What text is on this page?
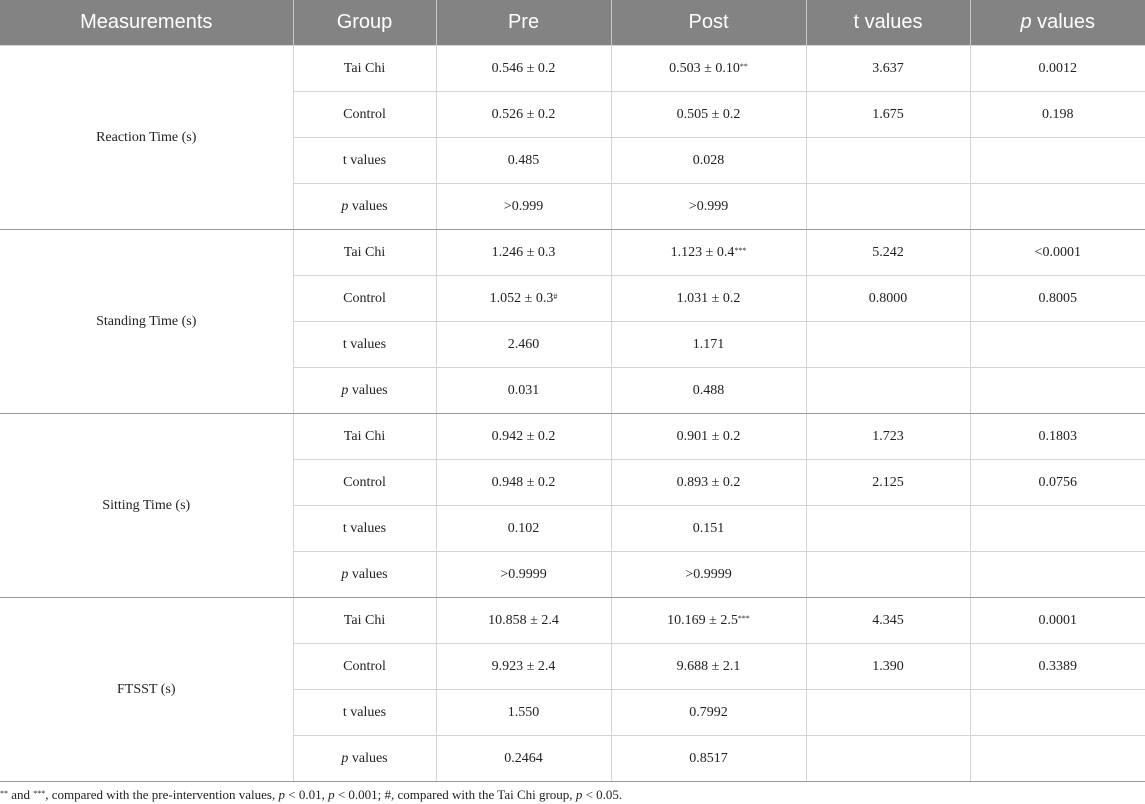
Measurements	Group	Pre	Post	t values	p values
Reaction Time (s)	Tai Chi	0.546 ± 0.2	0.503 ± 0.10**	3.637	0.0012
	Control	0.526 ± 0.2	0.505 ± 0.2	1.675	0.198
	t values	0.485	0.028		
	p values	>0.999	>0.999		
Standing Time (s)	Tai Chi	1.246 ± 0.3	1.123 ± 0.4***	5.242	<0.0001
	Control	1.052 ± 0.3#	1.031 ± 0.2	0.8000	0.8005
	t values	2.460	1.171		
	p values	0.031	0.488		
Sitting Time (s)	Tai Chi	0.942 ± 0.2	0.901 ± 0.2	1.723	0.1803
	Control	0.948 ± 0.2	0.893 ± 0.2	2.125	0.0756
	t values	0.102	0.151		
	p values	>0.9999	>0.9999		
FTSST (s)	Tai Chi	10.858 ± 2.4	10.169 ± 2.5***	4.345	0.0001
	Control	9.923 ± 2.4	9.688 ± 2.1	1.390	0.3389
	t values	1.550	0.7992		
	p values	0.2464	0.8517		
** and ***, compared with the pre-intervention values, p < 0.01, p < 0.001; #, compared with the Tai Chi group, p < 0.05.
